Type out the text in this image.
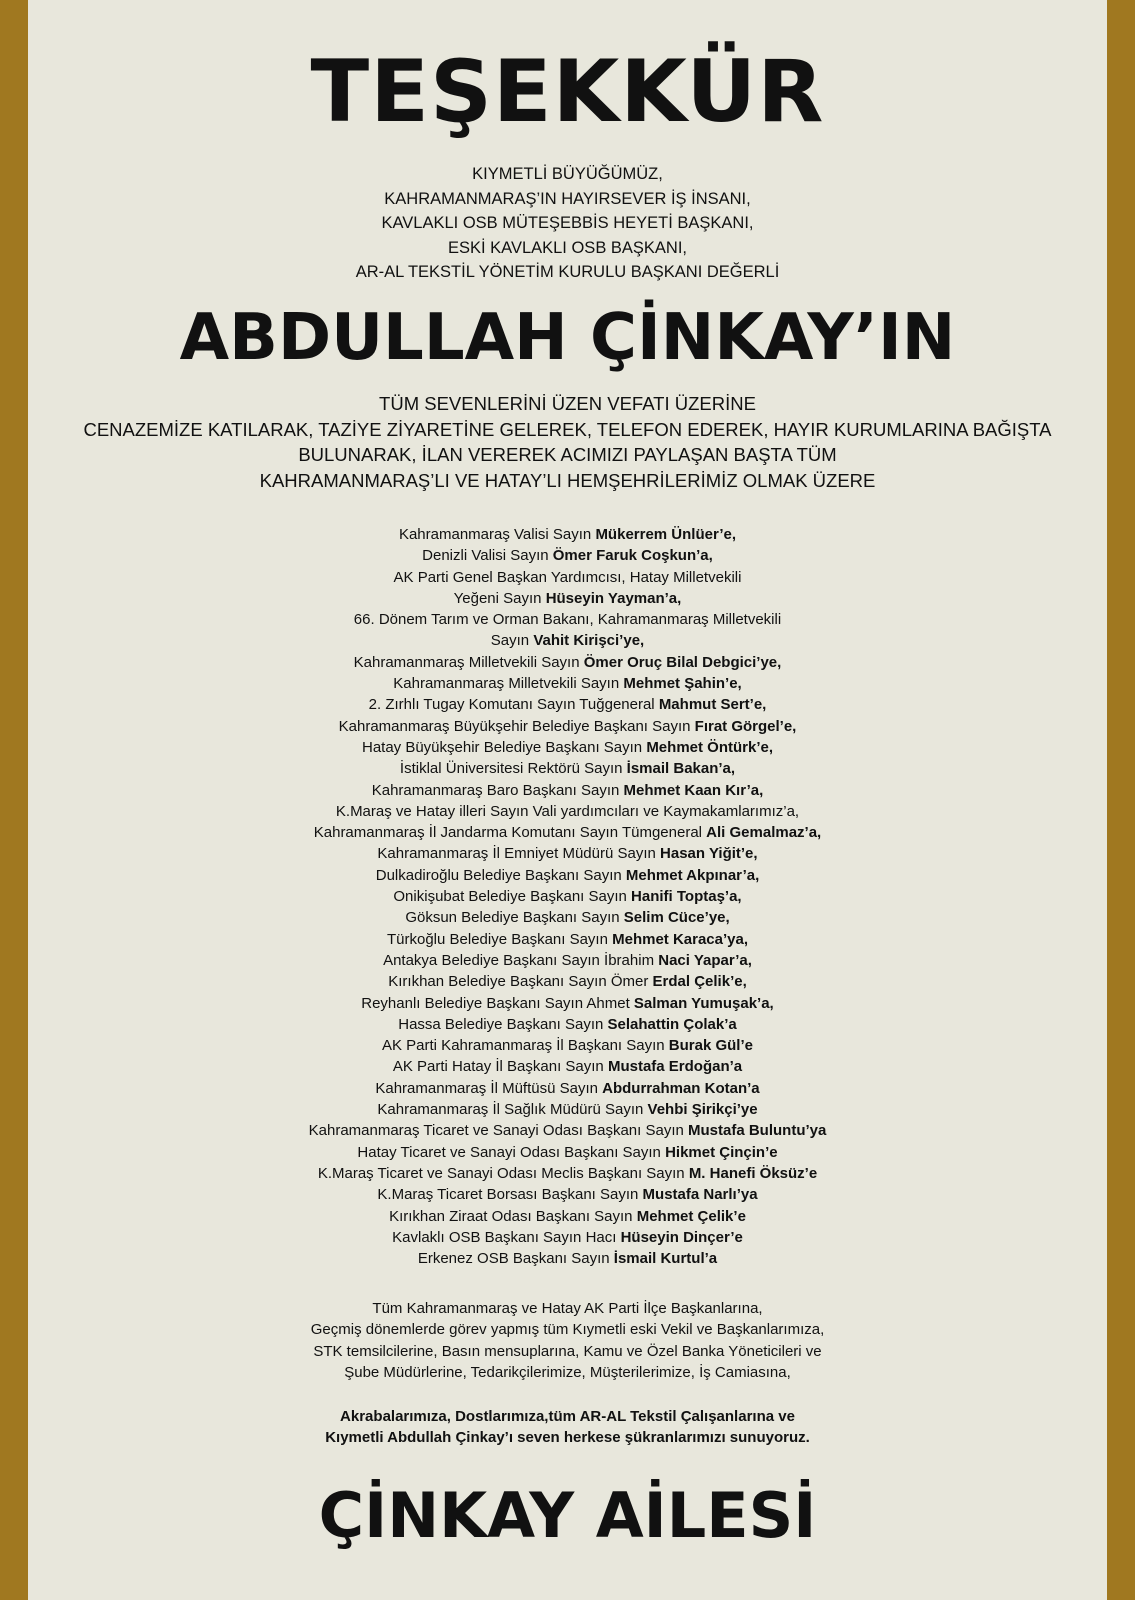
TEŞEKKÜR
KIYMETLİ BÜYÜĞÜMÜZ,
KAHRAMANMARAŞ’IN HAYIRSEVER İŞ İNSANI,
KAVLAKLI OSB MÜTEŞEBBİS HEYETİ BAŞKANI,
ESKİ KAVLAKLI OSB BAŞKANI,
AR-AL TEKSTİL YÖNETİM KURULU BAŞKANI DEĞERLİ
ABDULLAH ÇİNKAY’IN
TÜM SEVENLERİNİ ÜZEN VEFATI ÜZERİNE
CENAZEMİZE KATILARAK, TAZİYE ZİYARETİNE GELEREK, TELEFON EDEREK, HAYIR KURUMLARINA BAĞIŞTA
BULUNARAK, İLAN VEREREK ACIMIZI PAYLAŞAN BAŞTA TÜM
KAHRAMANMARAŞ’LI VE HATAY’LI HEMŞEHRİLERİMİZ OLMAK ÜZERE
Kahramanmaraş Valisi Sayın Mükerrem Ünlüer’e,
Denizli Valisi Sayın Ömer Faruk Coşkun’a,
AK Parti Genel Başkan Yardımcısı, Hatay Milletvekili
Yeğeni Sayın Hüseyin Yayman’a,
66. Dönem Tarım ve Orman Bakanı, Kahramanmaraş Milletvekili
Sayın Vahit Kirişci’ye,
Kahramanmaraş Milletvekili Sayın Ömer Oruç Bilal Debgici’ye,
Kahramanmaraş Milletvekili Sayın Mehmet Şahin’e,
2. Zırhlı Tugay Komutanı Sayın Tuğgeneral Mahmut Sert’e,
Kahramanmaraş Büyükşehir Belediye Başkanı Sayın Fırat Görgel’e,
Hatay Büyükşehir Belediye Başkanı Sayın Mehmet Öntürk’e,
İstiklal Üniversitesi Rektörü Sayın İsmail Bakan’a,
Kahramanmaraş Baro Başkanı Sayın Mehmet Kaan Kır’a,
K.Maraş ve Hatay illeri Sayın Vali yardımcıları ve Kaymakamlarımız’a,
Kahramanmaraş İl Jandarma Komutanı Sayın Tümgeneral Ali Gemalmaz’a,
Kahramanmaraş İl Emniyet Müdürü Sayın Hasan Yiğit’e,
Dulkadiroğlu Belediye Başkanı Sayın Mehmet Akpınar’a,
Onikişubat Belediye Başkanı Sayın Hanifi Toptaş’a,
Göksun Belediye Başkanı Sayın Selim Cüce’ye,
Türkoğlu Belediye Başkanı Sayın Mehmet Karaca’ya,
Antakya Belediye Başkanı Sayın İbrahim Naci Yapar’a,
Kırıkhan Belediye Başkanı Sayın Ömer Erdal Çelik’e,
Reyhanlı Belediye Başkanı Sayın Ahmet Salman Yumuşak’a,
Hassa Belediye Başkanı Sayın Selahattin Çolak’a
AK Parti Kahramanmaraş İl Başkanı Sayın Burak Gül’e
AK Parti Hatay İl Başkanı Sayın Mustafa Erdoğan’a
Kahramanmaraş İl Müftüsü Sayın Abdurrahman Kotan’a
Kahramanmaraş İl Sağlık Müdürü Sayın Vehbi Şirikçi’ye
Kahramanmaraş Ticaret ve Sanayi Odası Başkanı Sayın Mustafa Buluntu’ya
Hatay Ticaret ve Sanayi Odası Başkanı Sayın Hikmet Çinçin’e
K.Maraş Ticaret ve Sanayi Odası Meclis Başkanı Sayın M. Hanefi Öksüz’e
K.Maraş Ticaret Borsası Başkanı Sayın Mustafa Narlı’ya
Kırıkhan Ziraat Odası Başkanı Sayın Mehmet Çelik’e
Kavlaklı OSB Başkanı Sayın Hacı Hüseyin Dinçer’e
Erkenez OSB Başkanı Sayın İsmail Kurtul’a
Tüm Kahramanmaraş ve Hatay AK Parti İlçe Başkanlarına,
Geçmiş dönemlerde görev yapmış tüm Kıymetli eski Vekil ve Başkanlarımıza,
STK temsilcilerine, Basın mensuplarına, Kamu ve Özel Banka Yöneticileri ve
Şube Müdürlerine, Tedarikçilerimize, Müşterilerimize, İş Camiasına,
Akrabalarımıza, Dostlarımıza,tüm AR-AL Tekstil Çalışanlarına ve
Kıymetli Abdullah Çinkay’ı seven herkese şükranlarımızı sunuyoruz.
ÇİNKAY AİLESİ
